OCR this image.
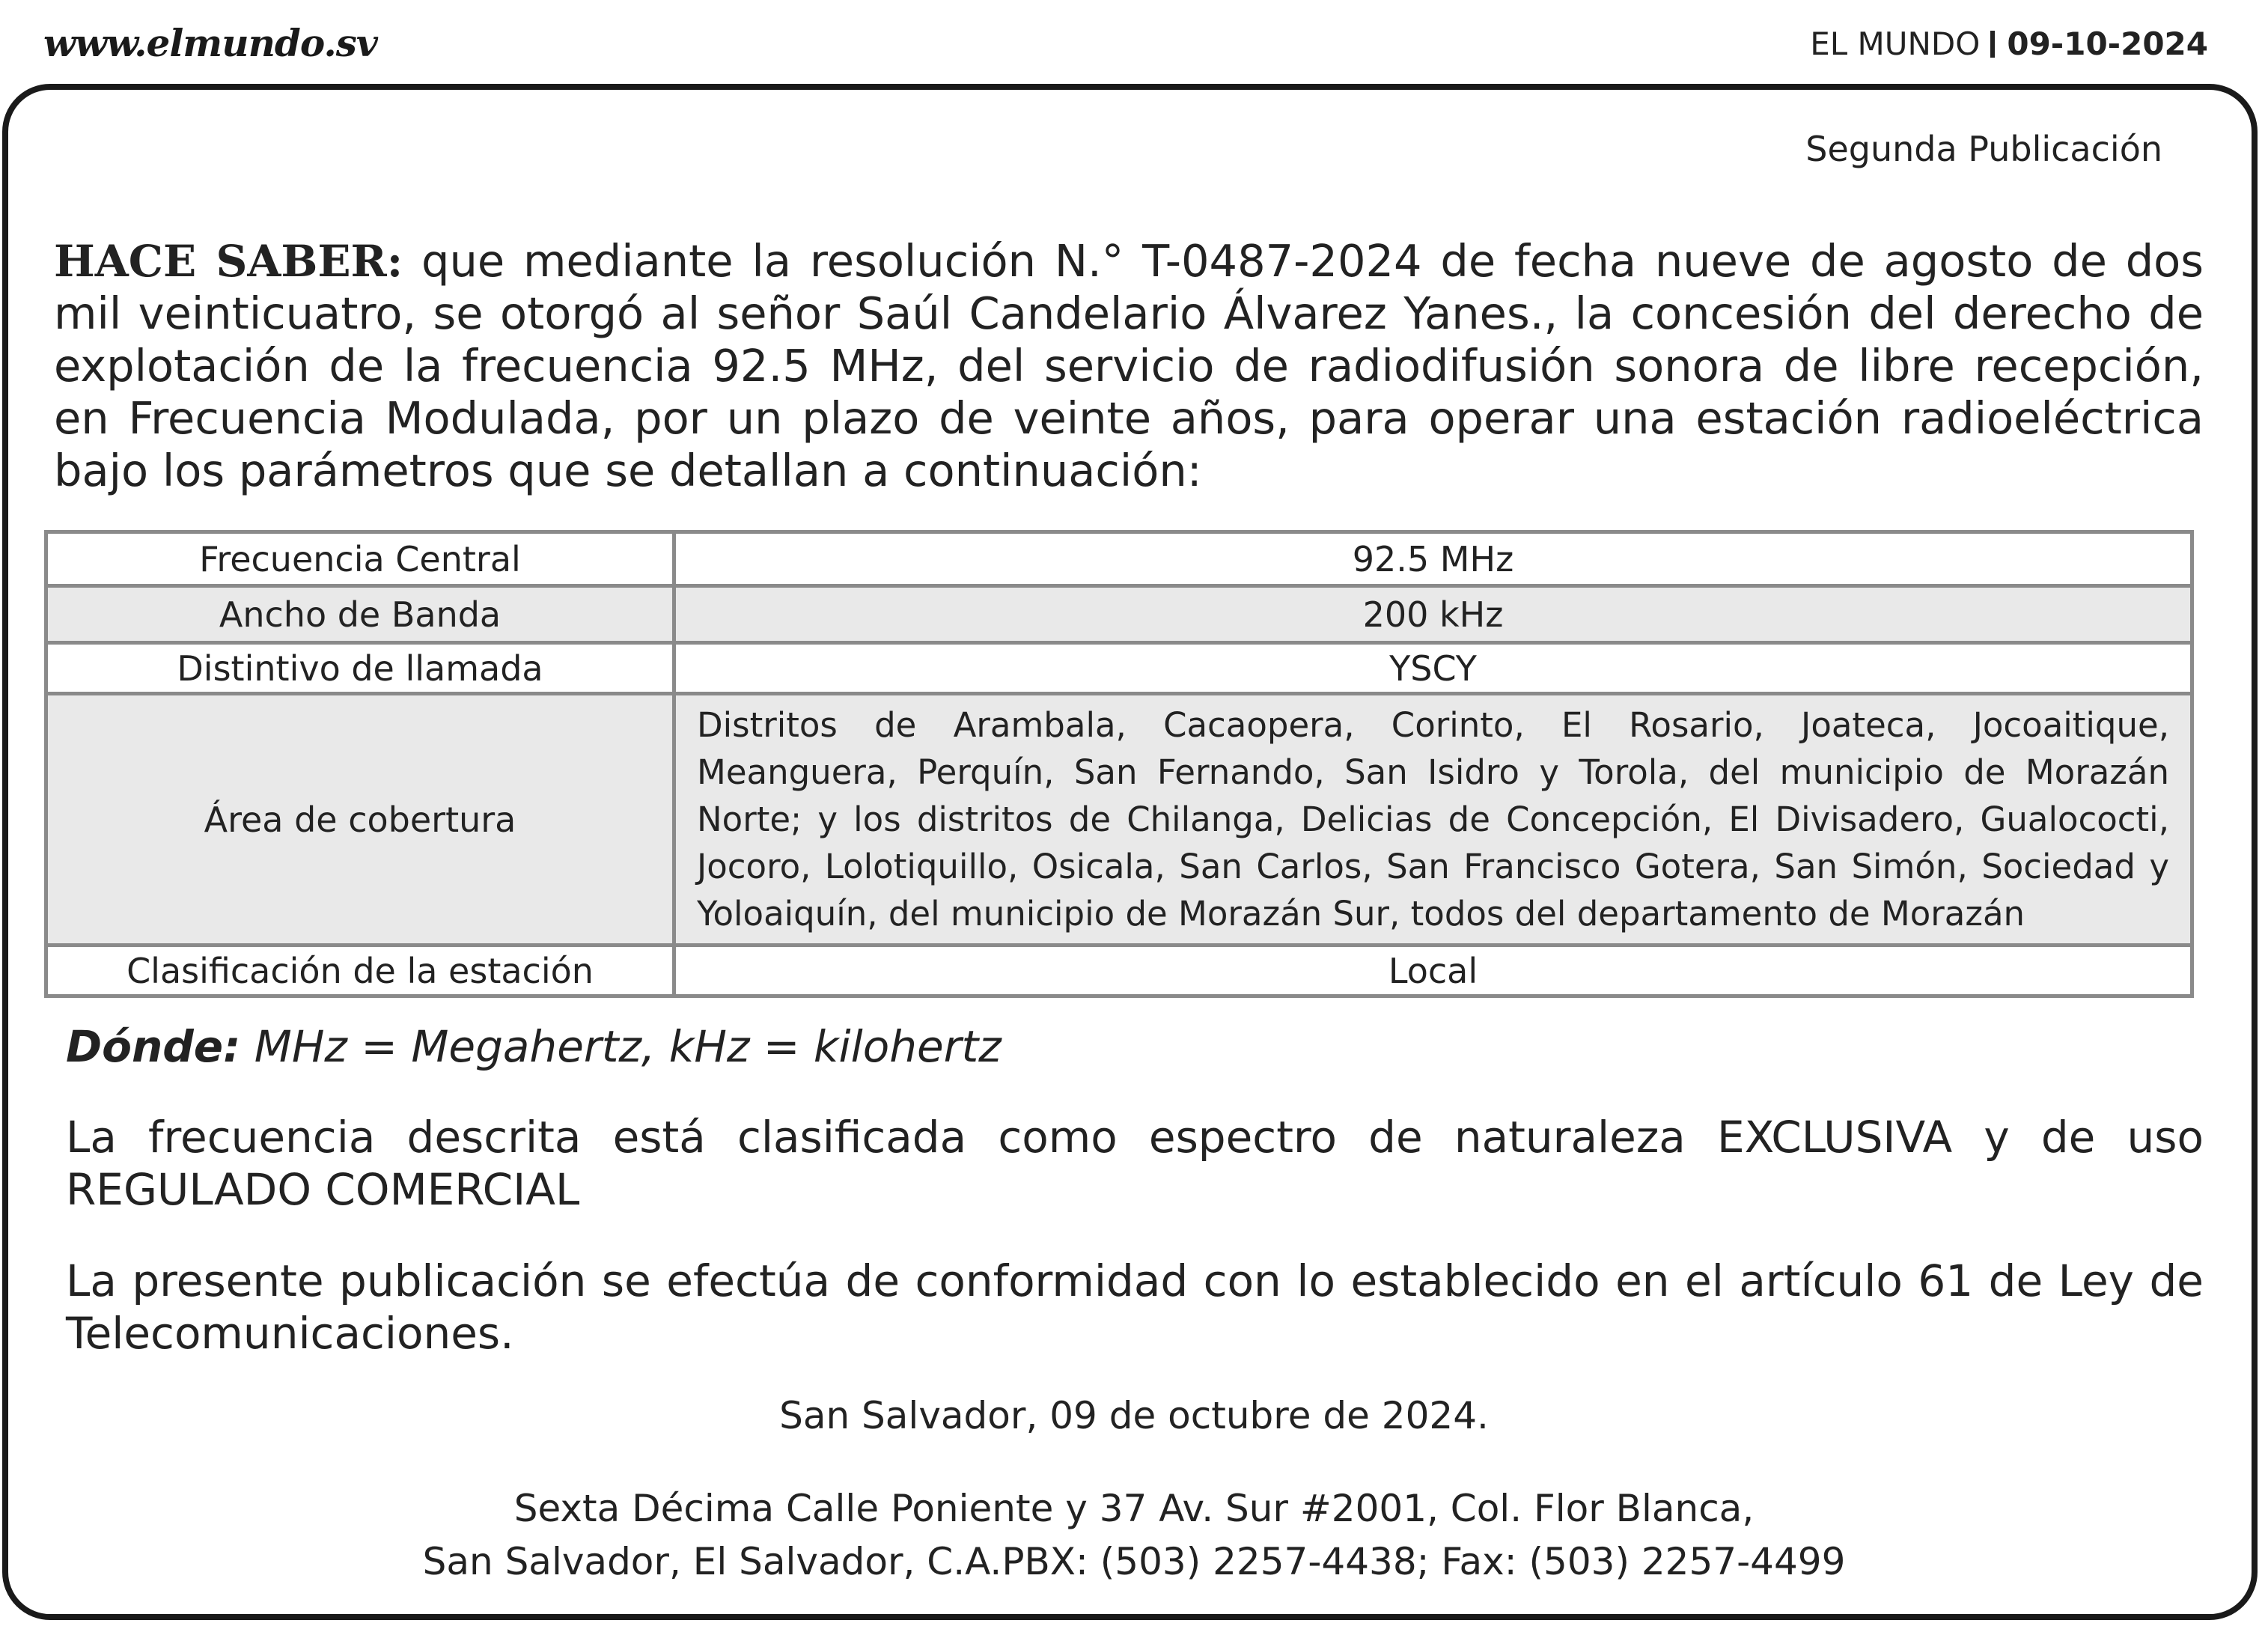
www.elmundo.sv	EL MUNDO 09-10-2024
Segunda Publicación
HACE SABER: que mediante la resolución N.° T-0487-2024 de fecha nueve de agosto de dos mil veinticuatro, se otorgó al señor Saúl Candelario Álvarez Yanes., la concesión del derecho de explotación de la frecuencia 92.5 MHz, del servicio de radiodifusión sonora de libre recepción, en Frecuencia Modulada, por un plazo de veinte años, para operar una estación radioeléctrica bajo los parámetros que se detallan a continuación:
Frecuencia Central	92.5 MHz
Ancho de Banda	200 kHz
Distintivo de llamada	YSCY
Área de cobertura	Distritos de Arambala, Cacaopera, Corinto, El Rosario, Joateca, Jocoaitique, Meanguera, Perquín, San Fernando, San Isidro y Torola, del municipio de Morazán Norte; y los distritos de Chilanga, Delicias de Concepción, El Divisadero, Gualococti, Jocoro, Lolotiquillo, Osicala, San Carlos, San Francisco Gotera, San Simón, Sociedad y Yoloaiquín, del municipio de Morazán Sur, todos del departamento de Morazán
Clasificación de la estación	Local
Dónde: MHz = Megahertz, kHz = kilohertz
La frecuencia descrita está clasificada como espectro de naturaleza EXCLUSIVA y de uso REGULADO COMERCIAL
La presente publicación se efectúa de conformidad con lo establecido en el artículo 61 de Ley de Telecomunicaciones.
San Salvador, 09 de octubre de 2024.
Sexta Décima Calle Poniente y 37 Av. Sur #2001, Col. Flor Blanca,
San Salvador, El Salvador, C.A.PBX: (503) 2257-4438; Fax: (503) 2257-4499
